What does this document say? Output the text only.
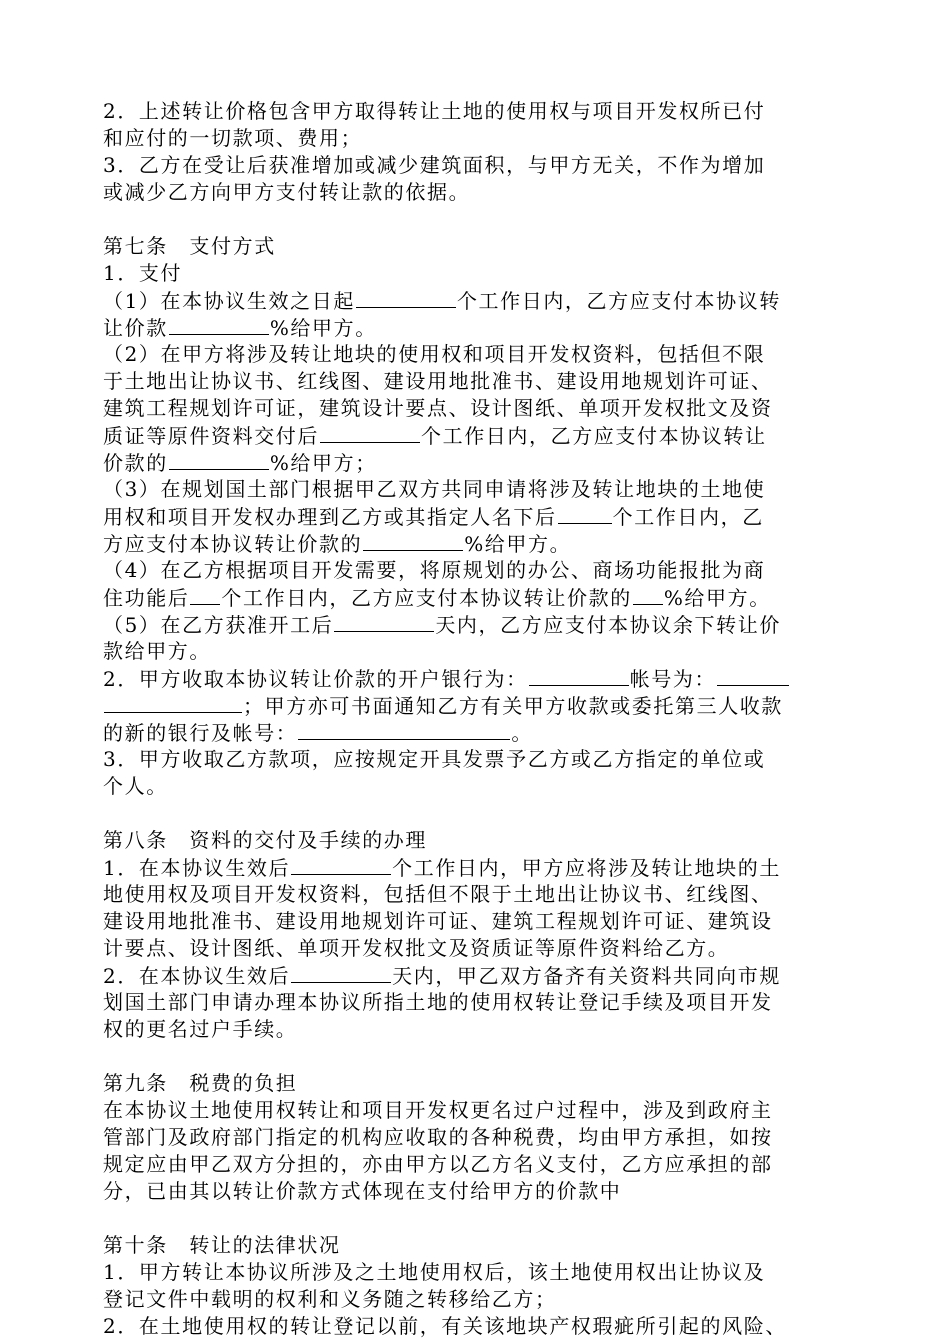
2．上述转让价格包含甲方取得转让土地的使用权与项目开发权所已付
和应付的一切款项、费用；
3．乙方在受让后获准增加或减少建筑面积，与甲方无关，不作为增加
或减少乙方向甲方支付转让款的依据。
第七条　支付方式
1．支付
（1）在本协议生效之日起	个工作日内，乙方应支付本协议转
让价款	%给甲方。
（2）在甲方将涉及转让地块的使用权和项目开发权资料，包括但不限
于土地出让协议书、红线图、建设用地批准书、建设用地规划许可证、
建筑工程规划许可证，建筑设计要点、设计图纸、单项开发权批文及资
质证等原件资料交付后	个工作日内，乙方应支付本协议转让
价款的	%给甲方；
（3）在规划国土部门根据甲乙双方共同申请将涉及转让地块的土地使
用权和项目开发权办理到乙方或其指定人名下后	个工作日内，乙
方应支付本协议转让价款的	%给甲方。
（4）在乙方根据项目开发需要，将原规划的办公、商场功能报批为商
住功能后 个工作日内，乙方应支付本协议转让价款的 %给甲方。
（5）在乙方获准开工后	天内，乙方应支付本协议余下转让价
款给甲方。
2．甲方收取本协议转让价款的开户银行为：	帐号为：
；甲方亦可书面通知乙方有关甲方收款或委托第三人收款
的新的银行及帐号：	。
3．甲方收取乙方款项，应按规定开具发票予乙方或乙方指定的单位或
个人。
第八条　资料的交付及手续的办理
1．在本协议生效后	个工作日内，甲方应将涉及转让地块的土
地使用权及项目开发权资料，包括但不限于土地出让协议书、红线图、
建设用地批准书、建设用地规划许可证、建筑工程规划许可证、建筑设
计要点、设计图纸、单项开发权批文及资质证等原件资料给乙方。
2．在本协议生效后	天内，甲乙双方备齐有关资料共同向市规
划国土部门申请办理本协议所指土地的使用权转让登记手续及项目开发
权的更名过户手续。
第九条　税费的负担
在本协议土地使用权转让和项目开发权更名过户过程中，涉及到政府主
管部门及政府部门指定的机构应收取的各种税费，均由甲方承担，如按
规定应由甲乙双方分担的，亦由甲方以乙方名义支付，乙方应承担的部
分，已由其以转让价款方式体现在支付给甲方的价款中
第十条　转让的法律状况
1．甲方转让本协议所涉及之土地使用权后，该土地使用权出让协议及
登记文件中载明的权利和义务随之转移给乙方；
2．在土地使用权的转让登记以前，有关该地块产权瑕疵所引起的风险、
